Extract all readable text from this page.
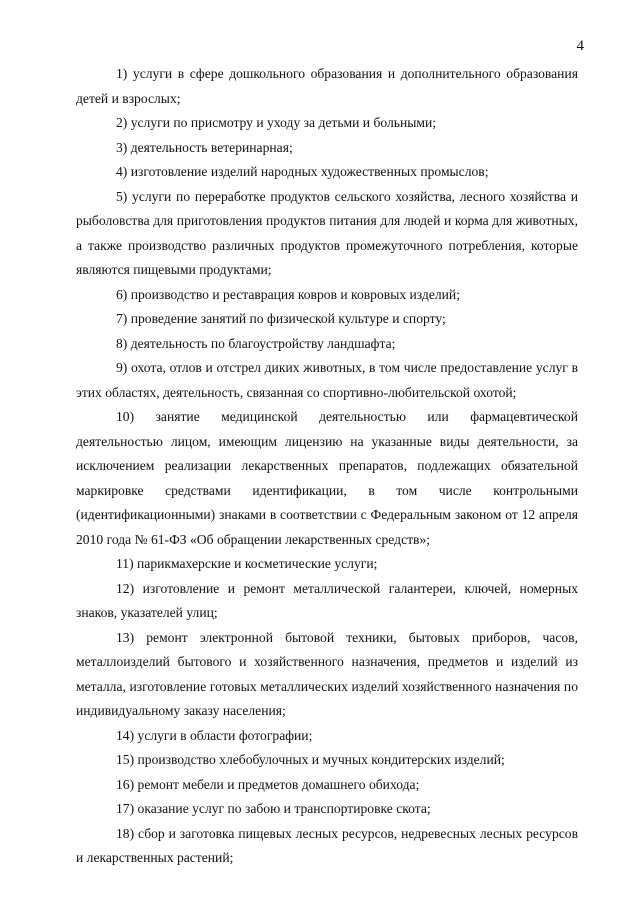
4

1) услуги в сфере дошкольного образования и дополнительного образования детей и взрослых;

2) услуги по присмотру и уходу за детьми и больными;

3) деятельность ветеринарная;

4) изготовление изделий народных художественных промыслов;

5) услуги по переработке продуктов сельского хозяйства, лесного хозяйства и рыболовства для приготовления продуктов питания для людей и корма для животных, а также производство различных продуктов промежуточного потребления, которые являются пищевыми продуктами;

6) производство и реставрация ковров и ковровых изделий;

7) проведение занятий по физической культуре и спорту;

8) деятельность по благоустройству ландшафта;

9) охота, отлов и отстрел диких животных, в том числе предоставление услуг в этих областях, деятельность, связанная со спортивно-любительской охотой;

10) занятие медицинской деятельностью или фармацевтической деятельностью лицом, имеющим лицензию на указанные виды деятельности, за исключением реализации лекарственных препаратов, подлежащих обязательной маркировке средствами идентификации, в том числе контрольными (идентификационными) знаками в соответствии с Федеральным законом от 12 апреля 2010 года № 61-ФЗ «Об обращении лекарственных средств»;

11) парикмахерские и косметические услуги;

12) изготовление и ремонт металлической галантереи, ключей, номерных знаков, указателей улиц;

13) ремонт электронной бытовой техники, бытовых приборов, часов, металлоизделий бытового и хозяйственного назначения, предметов и изделий из металла, изготовление готовых металлических изделий хозяйственного назначения по индивидуальному заказу населения;

14) услуги в области фотографии;

15) производство хлебобулочных и мучных кондитерских изделий;

16) ремонт мебели и предметов домашнего обихода;

17) оказание услуг по забою и транспортировке скота;

18) сбор и заготовка пищевых лесных ресурсов, недревесных лесных ресурсов и лекарственных растений;
